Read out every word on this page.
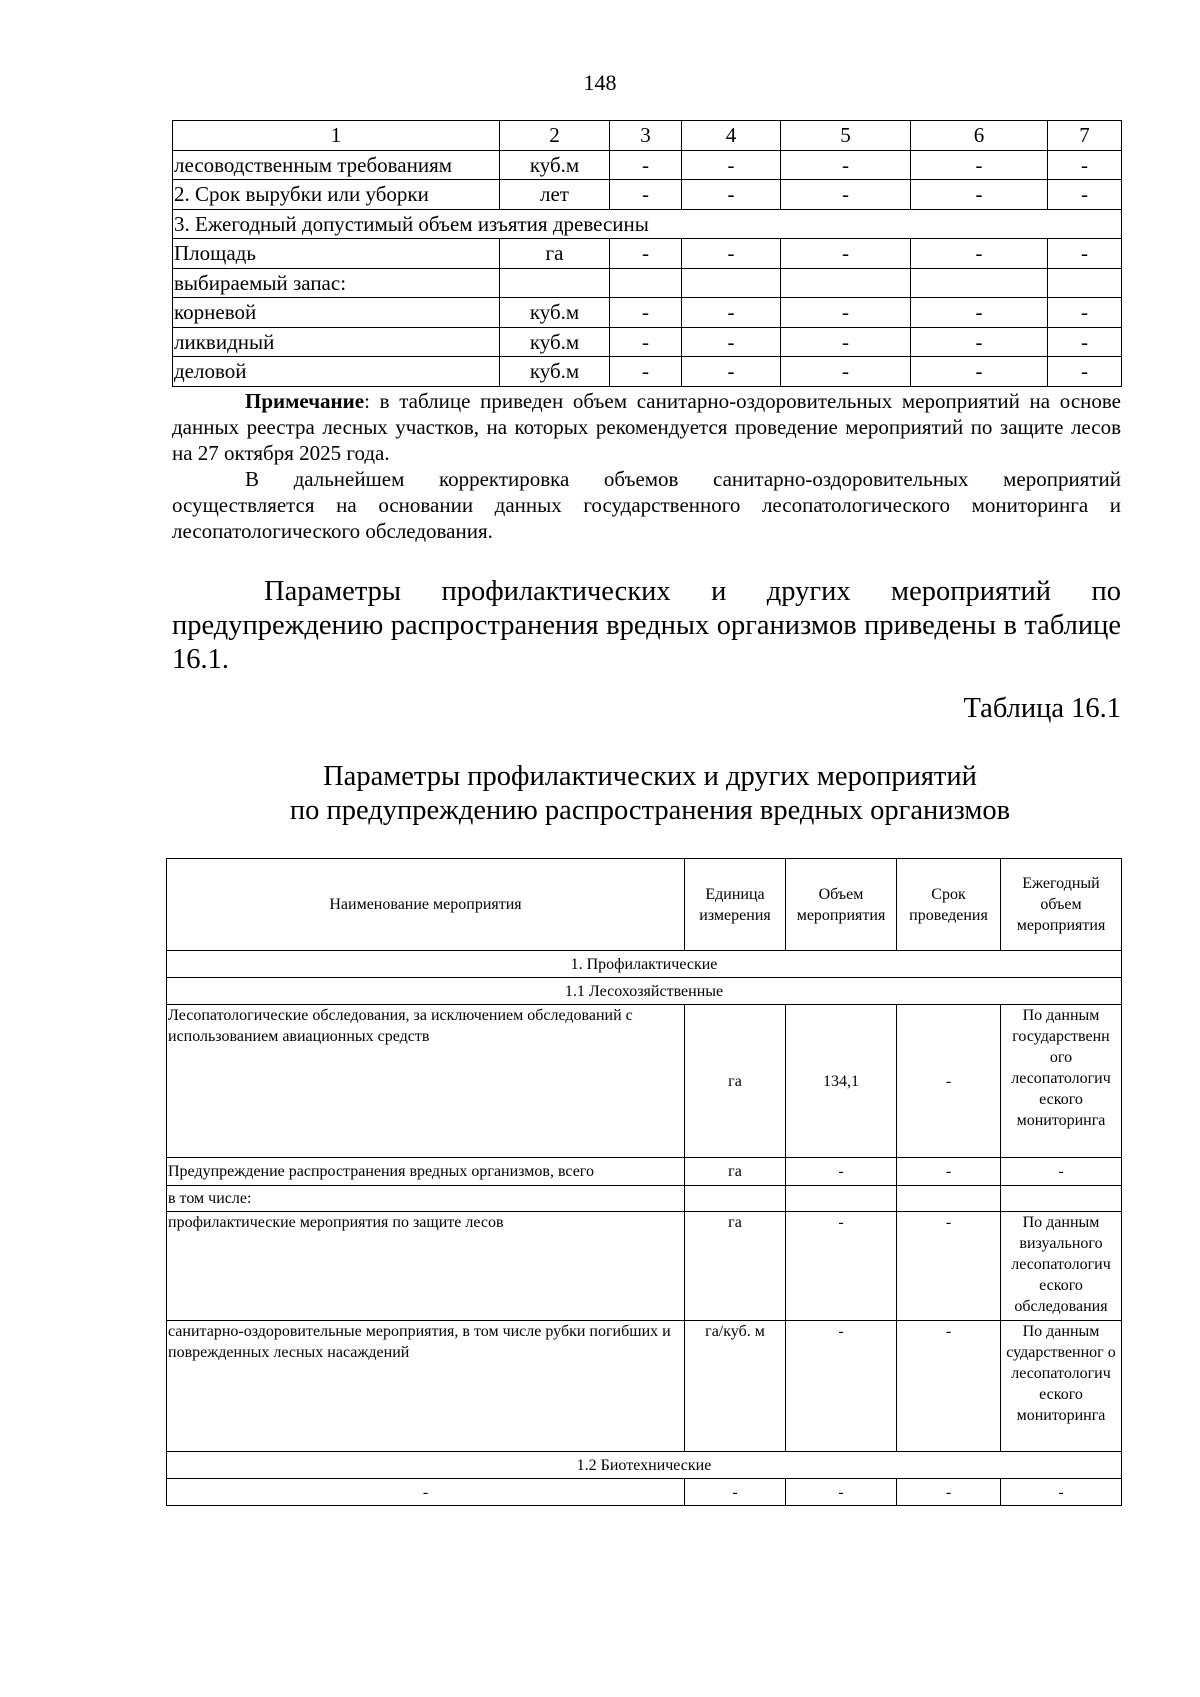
148
1	2	3	4	5	6	7
лесоводственным требованиям	куб.м	-	-	-	-	-
2. Срок вырубки или уборки	лет	-	-	-	-	-
3. Ежегодный допустимый объем изъятия древесины						
Площадь	га	-	-	-	-	-
выбираемый запас:						
корневой	куб.м	-	-	-	-	-
ликвидный	куб.м	-	-	-	-	-
деловой	куб.м	-	-	-	-	-
Примечание: в таблице приведен объем санитарно-оздоровительных мероприятий на основе данных реестра лесных участков, на которых рекомендуется проведение мероприятий по защите лесов на 27 октября 2025 года.
В дальнейшем корректировка объемов санитарно-оздоровительных мероприятий осуществляется на основании данных государственного лесопатологического мониторинга и лесопатологического обследования.
Параметры профилактических и других мероприятий по предупреждению распространения вредных организмов приведены в таблице 16.1.
Таблица 16.1
Параметры профилактических и других мероприятий
по предупреждению распространения вредных организмов
Наименование мероприятия	Единица измерения	Объем мероприятия	Срок проведения	Ежегодный объем мероприятия
1. Профилактические				
1.1 Лесохозяйственные				
Лесопатологические обследования, за исключением обследований с использованием авиационных средств	га	134,1	-	По данным государственн ого лесопатологич еского мониторинга
Предупреждение распространения вредных организмов, всего	га	-	-	-
в том числе:				
профилактические мероприятия по защите лесов	га	-	-	По данным визуального лесопатологич еского обследования
санитарно-оздоровительные мероприятия, в том числе рубки погибших и поврежденных лесных насаждений	га/куб. м	-	-	По данным сударственног о лесопатологич еского мониторинга
1.2 Биотехнические				
-	-	-	-	-
